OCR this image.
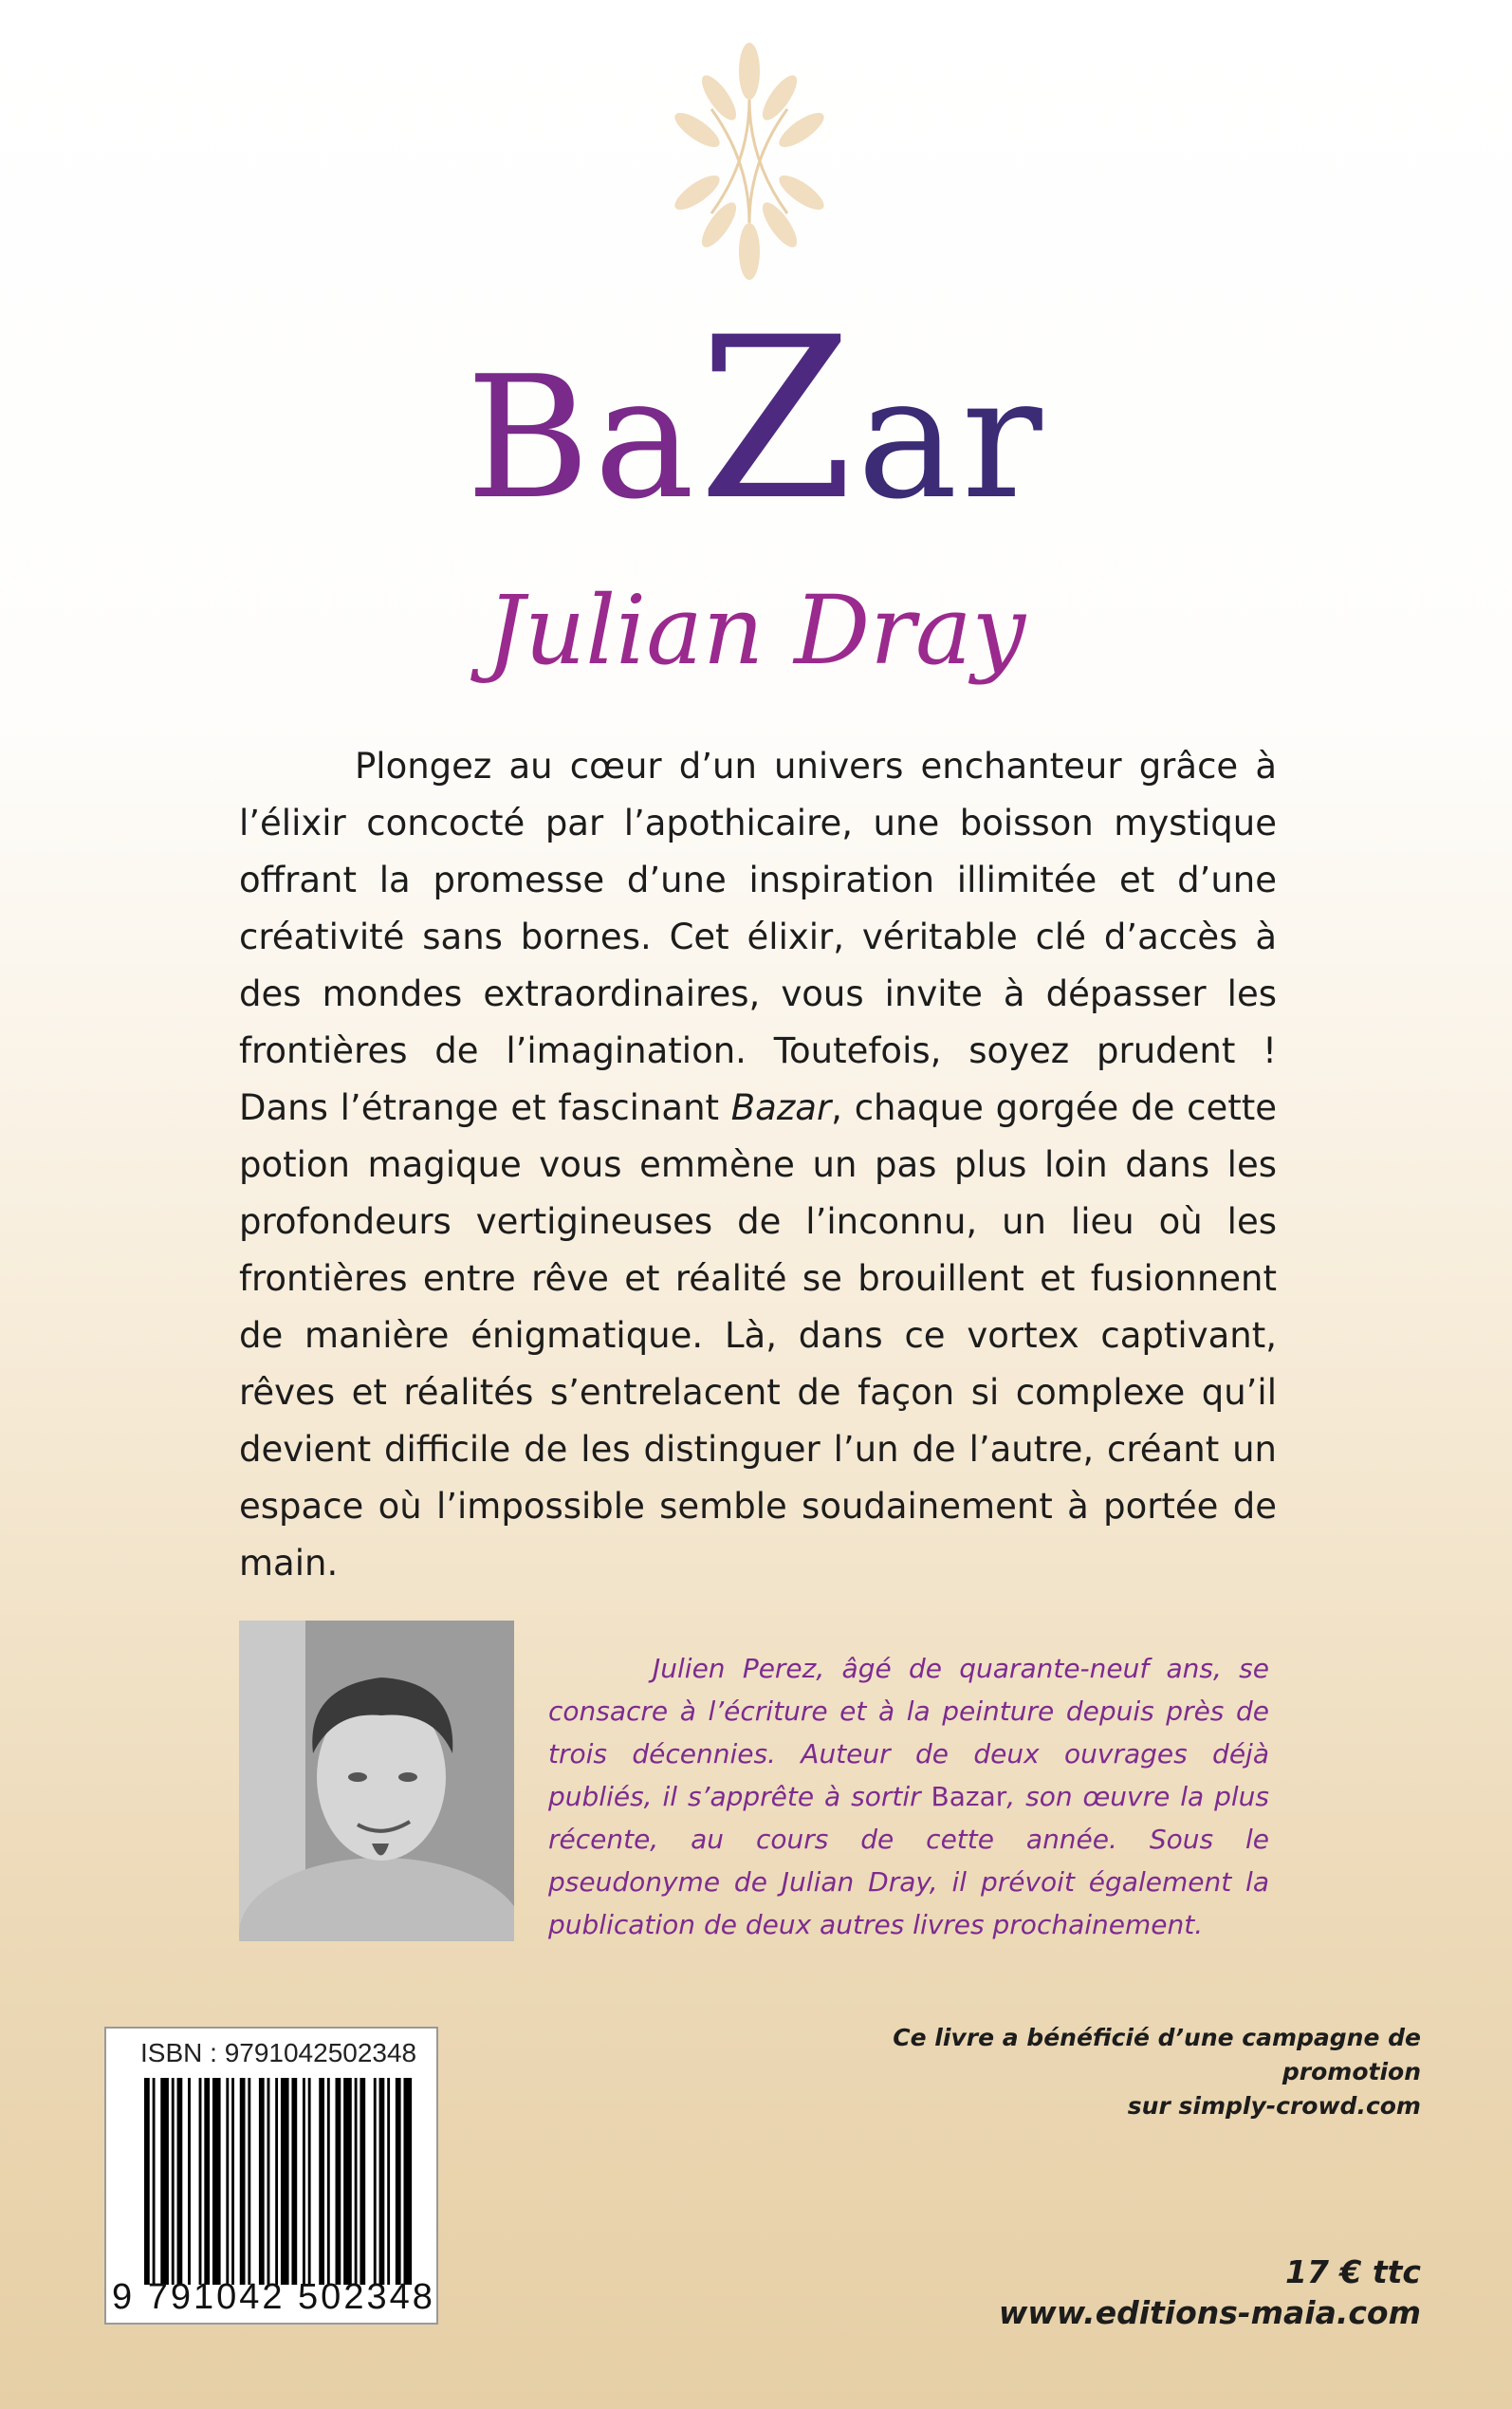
BaZar
Julian Dray

Plongez au cœur d’un univers enchanteur grâce à l’élixir concocté par l’apothicaire, une boisson mystique offrant la promesse d’une inspiration illimitée et d’une créativité sans bornes. Cet élixir, véritable clé d’accès à des mondes extraordinaires, vous invite à dépasser les frontières de l’imagination. Toutefois, soyez prudent ! Dans l’étrange et fascinant Bazar, chaque gorgée de cette potion magique vous emmène un pas plus loin dans les profondeurs vertigineuses de l’inconnu, un lieu où les frontières entre rêve et réalité se brouillent et fusionnent de manière énigmatique. Là, dans ce vortex captivant, rêves et réalités s’entrelacent de façon si complexe qu’il devient difficile de les distinguer l’un de l’autre, créant un espace où l’impossible semble soudainement à portée de main.

Julien Perez, âgé de quarante-neuf ans, se consacre à l’écriture et à la peinture depuis près de trois décennies. Auteur de deux ouvrages déjà publiés, il s’apprête à sortir Bazar, son œuvre la plus récente, au cours de cette année. Sous le pseudonyme de Julian Dray, il prévoit également la publication de deux autres livres prochainement.

ISBN : 9791042502348
9 791042 502348
Ce livre a bénéficié d’une campagne de promotion
sur simply-crowd.com
17 € ttc
www.editions-maia.com
